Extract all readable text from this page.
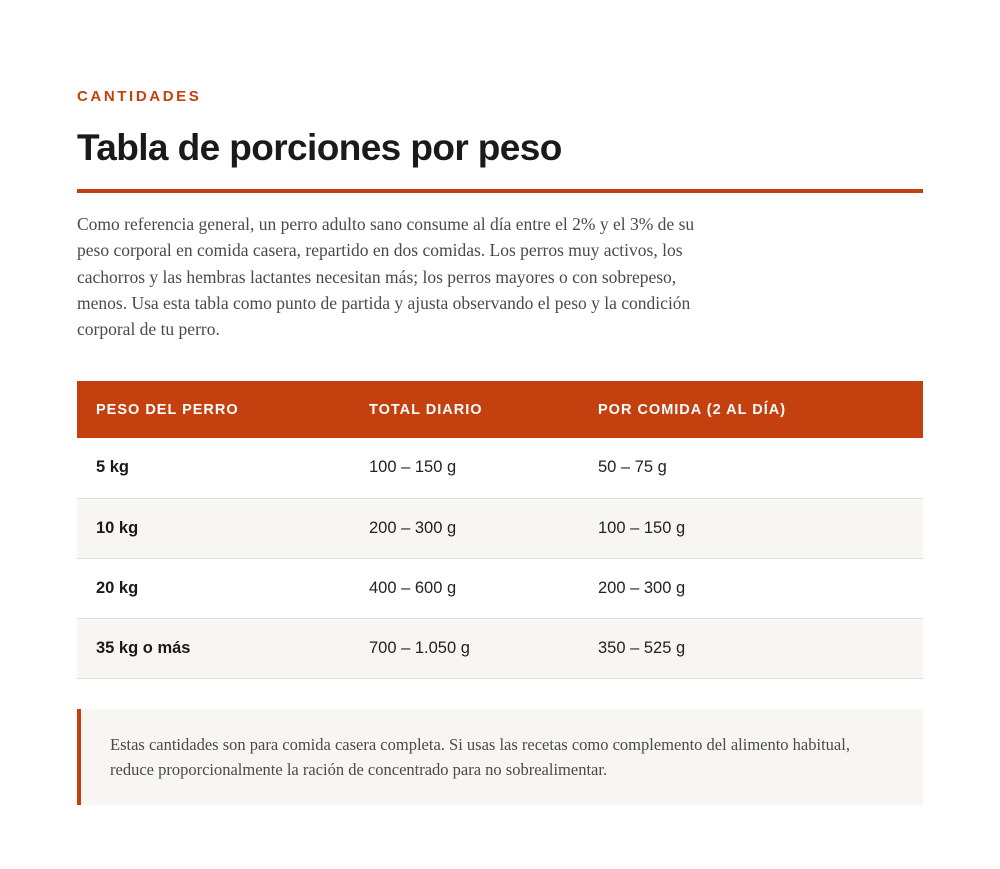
CANTIDADES
Tabla de porciones por peso

Como referencia general, un perro adulto sano consume al día entre el 2% y el 3% de su peso corporal en comida casera, repartido en dos comidas. Los perros muy activos, los cachorros y las hembras lactantes necesitan más; los perros mayores o con sobrepeso, menos. Usa esta tabla como punto de partida y ajusta observando el peso y la condición corporal de tu perro.

PESO DEL PERRO	TOTAL DIARIO	POR COMIDA (2 AL DÍA)
5 kg	100 – 150 g	50 – 75 g
10 kg	200 – 300 g	100 – 150 g
20 kg	400 – 600 g	200 – 300 g
35 kg o más	700 – 1.050 g	350 – 525 g

Estas cantidades son para comida casera completa. Si usas las recetas como complemento del alimento habitual, reduce proporcionalmente la ración de concentrado para no sobrealimentar.
